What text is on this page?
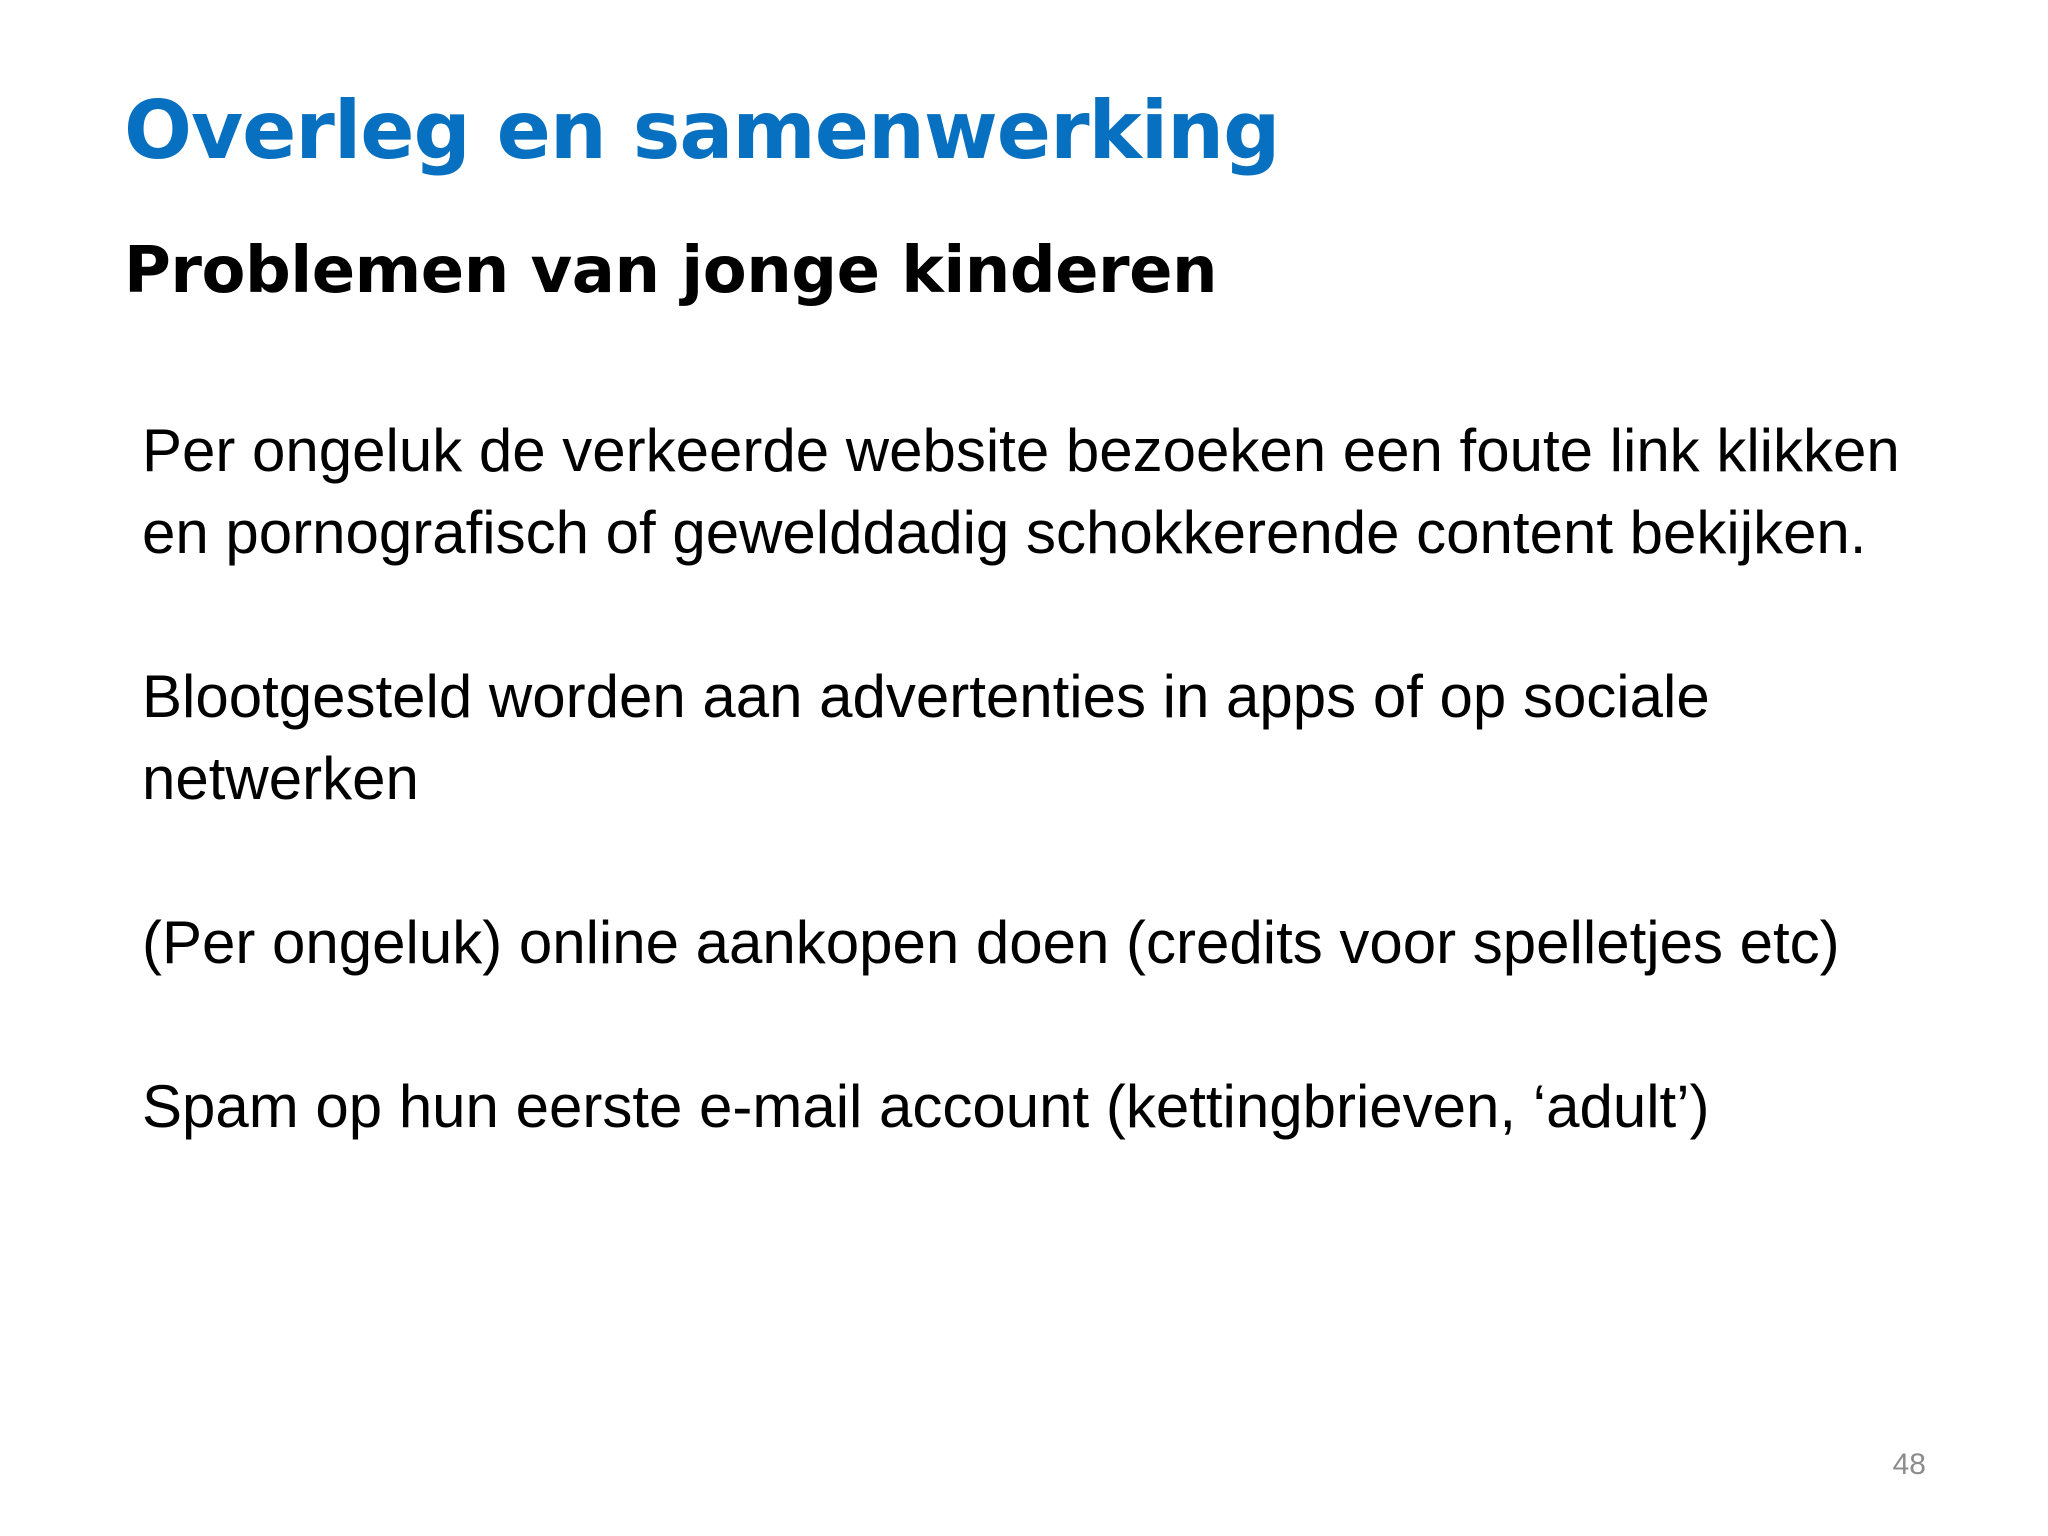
Overleg en samenwerking
Problemen van jonge kinderen
Per ongeluk de verkeerde website bezoeken een foute link klikken en pornografisch of gewelddadig schokkerende content bekijken.
Blootgesteld worden aan advertenties in apps of op sociale netwerken
(Per ongeluk) online aankopen doen (credits voor spelletjes etc)
Spam op hun eerste e-mail account (kettingbrieven, ‘adult’)
48
